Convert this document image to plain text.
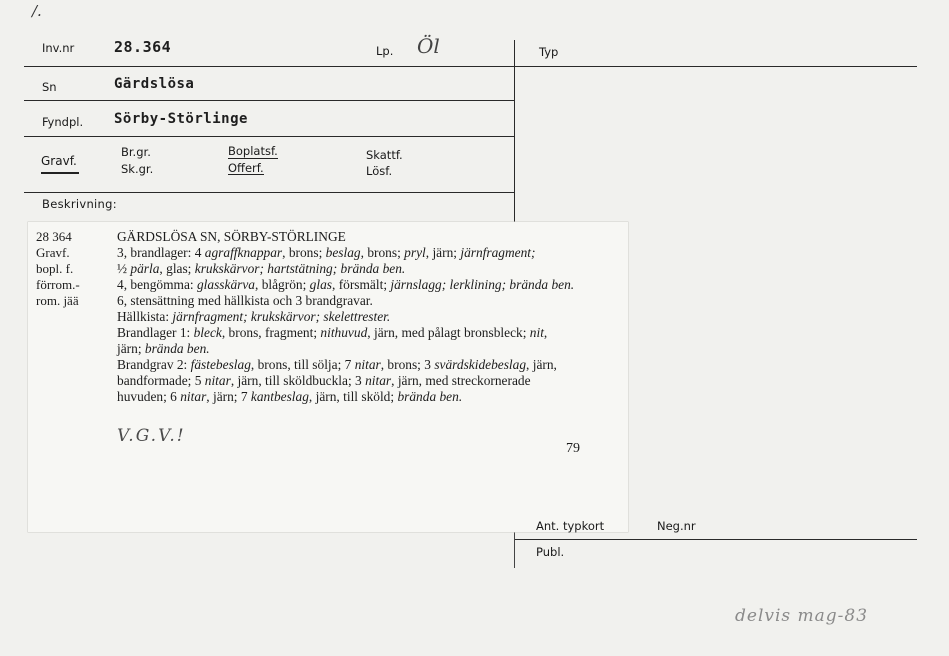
/.
Inv.nr	28.364	Lp. Öl	Typ
Sn	Gärdslösa
Fyndpl. Sörby-Störlinge
Gravf.
Br.gr.
Sk.gr.
Boplatsf.
Offerf.
Skattf.
Lösf.
Beskrivning:
28 364
Gravf.
bopl. f.
förrom.-
rom. jää
GÄRDSLÖSA SN, SÖRBY-STÖRLINGE
3, brandlager: 4 agraffknappar, brons; beslag, brons; pryl, järn; järnfragment;
½ pärla, glas; krukskärvor; hartstätning; brända ben.
4, bengömma: glasskärva, blågrön; glas, försmält; järnslagg; lerklining; brända ben.
6, stensättning med hällkista och 3 brandgravar.
Hällkista: järnfragment; krukskärvor; skelettrester.
Brandlager 1: bleck, brons, fragment; nithuvud, järn, med pålagt bronsbleck; nit,
järn; brända ben.
Brandgrav 2: fästebeslag, brons, till sölja; 7 nitar, brons; 3 svärdskidebeslag, järn,
bandformade; 5 nitar, järn, till sköldbuckla; 3 nitar, järn, med streckornerade
huvuden; 6 nitar, järn; 7 kantbeslag, järn, till sköld; brända ben.
V.G.V.!
79
Ant. typkort	Neg.nr
Publ.
delvis mag-83
